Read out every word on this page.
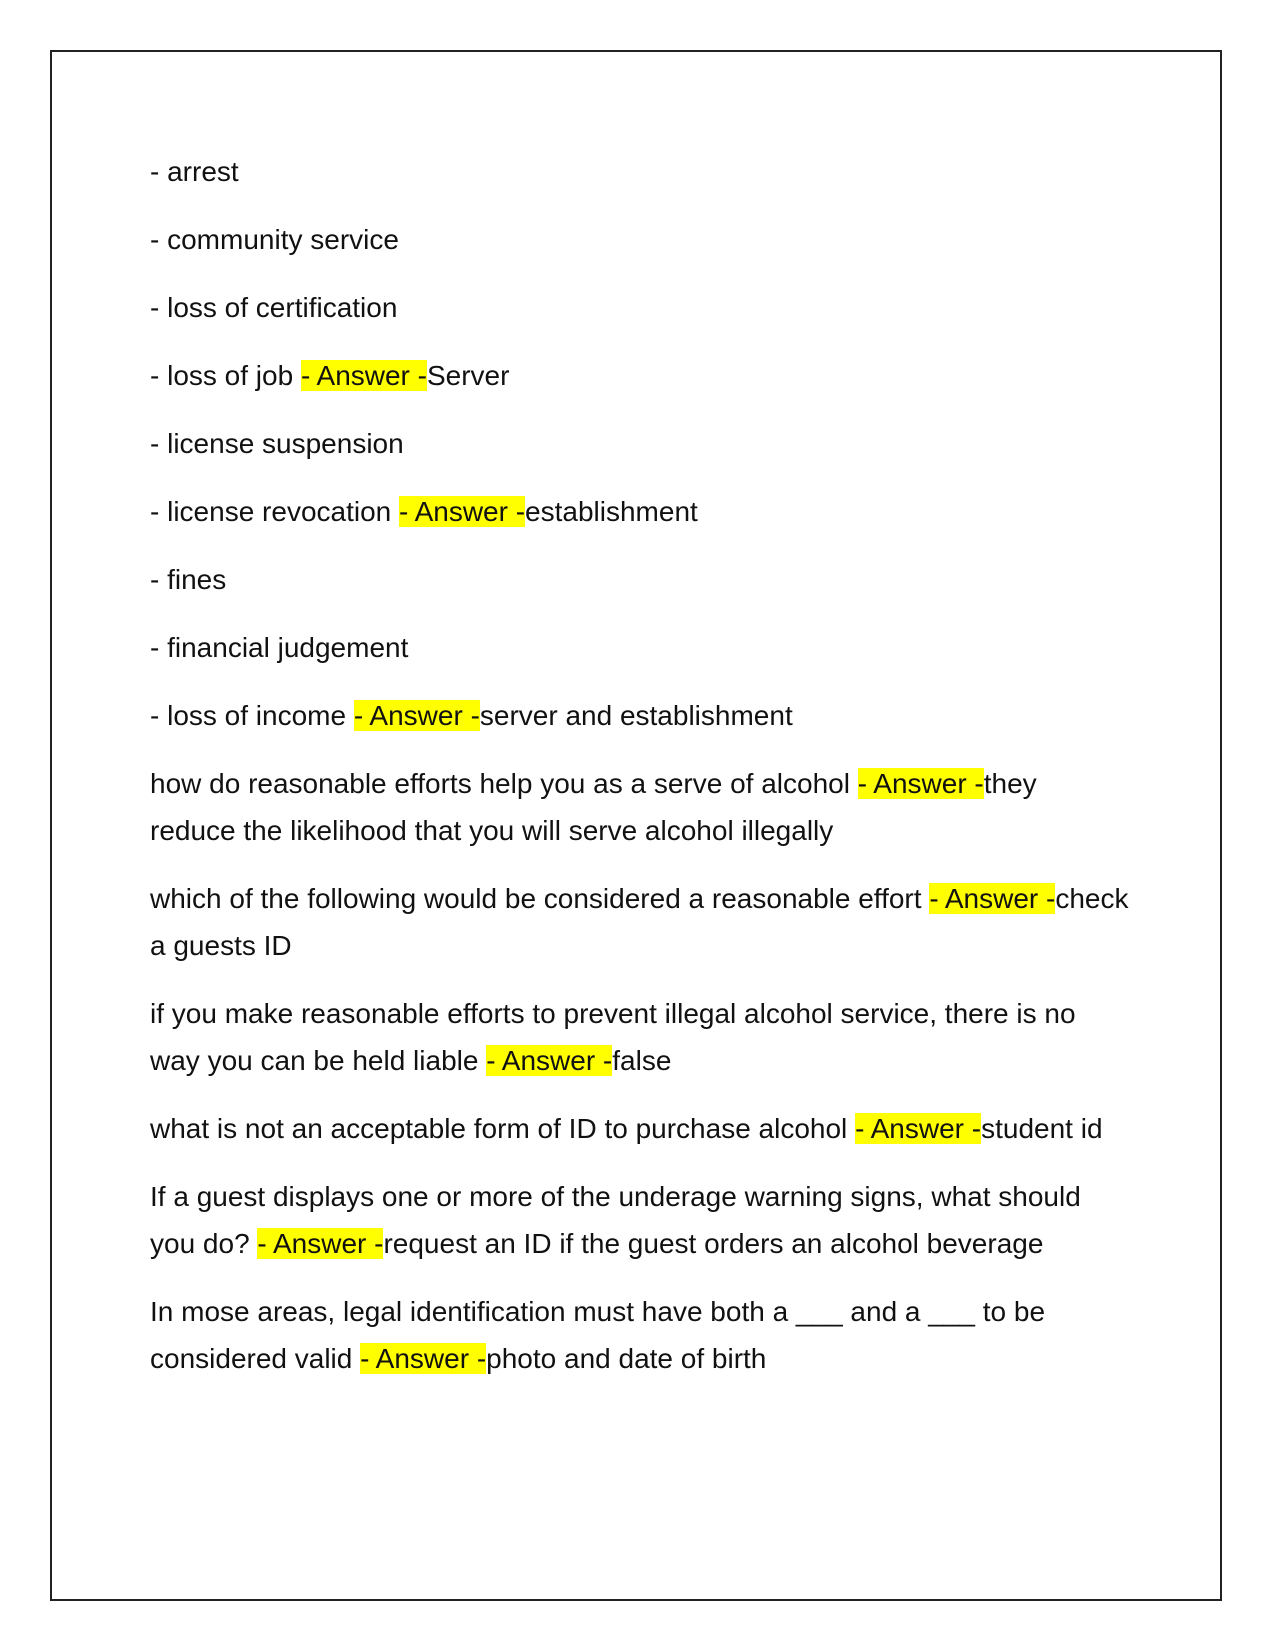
- arrest

- community service

- loss of certification

- loss of job - Answer -Server

- license suspension

- license revocation - Answer -establishment

- fines

- financial judgement

- loss of income - Answer -server and establishment

how do reasonable efforts help you as a serve of alcohol - Answer -they reduce the likelihood that you will serve alcohol illegally

which of the following would be considered a reasonable effort - Answer -check a guests ID

if you make reasonable efforts to prevent illegal alcohol service, there is no way you can be held liable - Answer -false

what is not an acceptable form of ID to purchase alcohol - Answer -student id

If a guest displays one or more of the underage warning signs, what should you do? - Answer -request an ID if the guest orders an alcohol beverage

In mose areas, legal identification must have both a ___ and a ___ to be considered valid - Answer -photo and date of birth
